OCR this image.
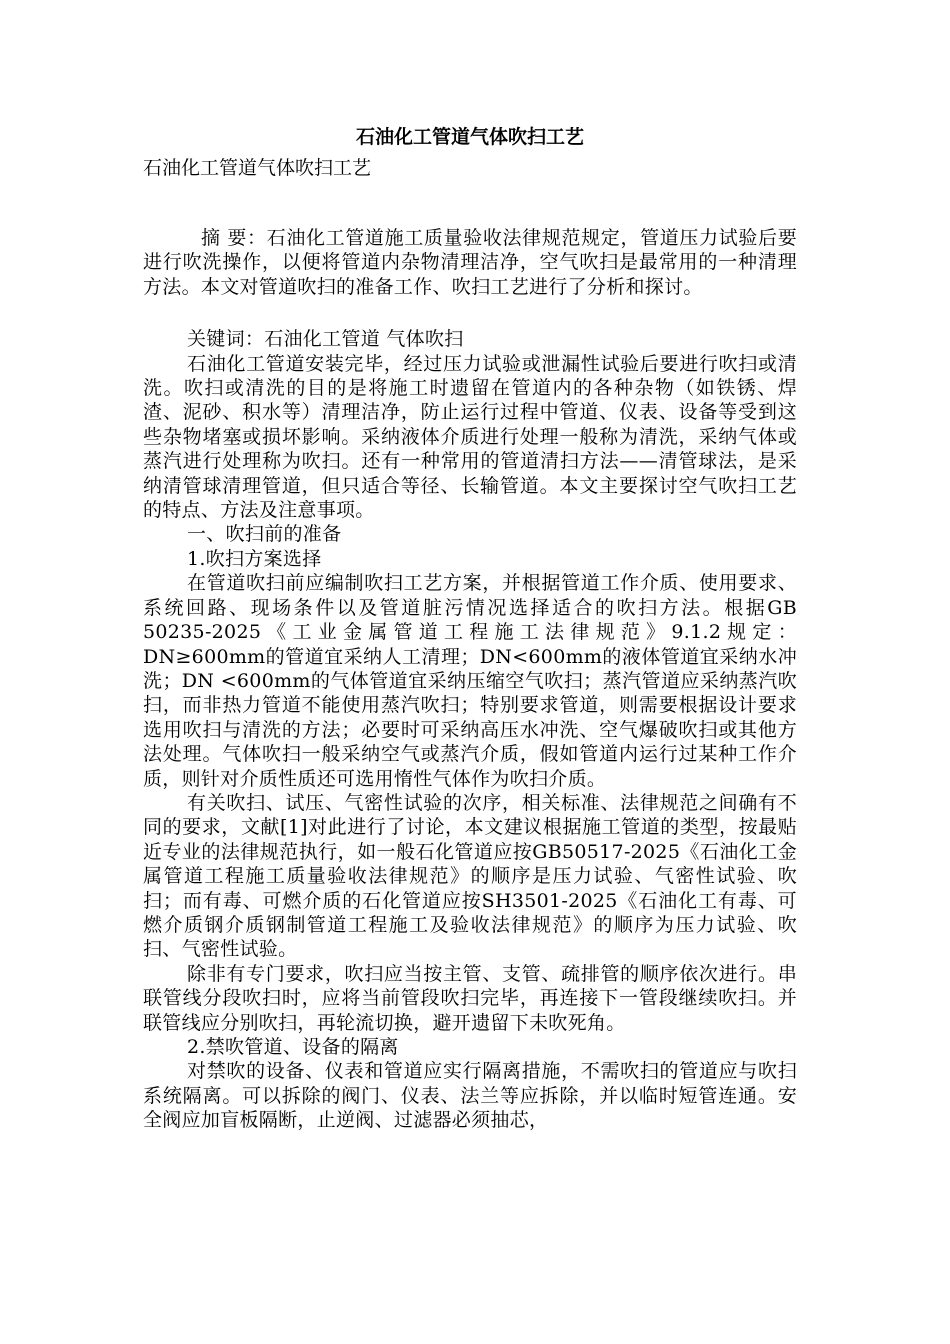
石油化工管道气体吹扫工艺

石油化工管道气体吹扫工艺

摘 要：石油化工管道施工质量验收法律规范规定，管道压力试验后要进行吹洗操作，以便将管道内杂物清理洁净，空气吹扫是最常用的一种清理方法。本文对管道吹扫的准备工作、吹扫工艺进行了分析和探讨。

关键词：石油化工管道 气体吹扫

石油化工管道安装完毕，经过压力试验或泄漏性试验后要进行吹扫或清洗。吹扫或清洗的目的是将施工时遗留在管道内的各种杂物（如铁锈、焊渣、泥砂、积水等）清理洁净，防止运行过程中管道、仪表、设备等受到这些杂物堵塞或损坏影响。采纳液体介质进行处理一般称为清洗，采纳气体或蒸汽进行处理称为吹扫。还有一种常用的管道清扫方法——清管球法，是采纳清管球清理管道，但只适合等径、长输管道。本文主要探讨空气吹扫工艺的特点、方法及注意事项。

一、吹扫前的准备

1.吹扫方案选择

在管道吹扫前应编制吹扫工艺方案，并根据管道工作介质、使用要求、系统回路、现场条件以及管道脏污情况选择适合的吹扫方法。根据GB 50235-2025《工业金属管道工程施工法律规范》9.1.2规定：DN≥600mm的管道宜采纳人工清理；DN<600mm的液体管道宜采纳水冲洗；DN <600mm的气体管道宜采纳压缩空气吹扫；蒸汽管道应采纳蒸汽吹扫，而非热力管道不能使用蒸汽吹扫；特别要求管道，则需要根据设计要求选用吹扫与清洗的方法；必要时可采纳高压水冲洗、空气爆破吹扫或其他方法处理。气体吹扫一般采纳空气或蒸汽介质，假如管道内运行过某种工作介质，则针对介质性质还可选用惰性气体作为吹扫介质。

有关吹扫、试压、气密性试验的次序，相关标准、法律规范之间确有不同的要求，文献[1]对此进行了讨论，本文建议根据施工管道的类型，按最贴近专业的法律规范执行，如一般石化管道应按GB50517-2025《石油化工金属管道工程施工质量验收法律规范》的顺序是压力试验、气密性试验、吹扫；而有毒、可燃介质的石化管道应按SH3501-2025《石油化工有毒、可燃介质钢介质钢制管道工程施工及验收法律规范》的顺序为压力试验、吹扫、气密性试验。

除非有专门要求，吹扫应当按主管、支管、疏排管的顺序依次进行。串联管线分段吹扫时，应将当前管段吹扫完毕，再连接下一管段继续吹扫。并联管线应分别吹扫，再轮流切换，避开遗留下未吹死角。

2.禁吹管道、设备的隔离

对禁吹的设备、仪表和管道应实行隔离措施，不需吹扫的管道应与吹扫系统隔离。可以拆除的阀门、仪表、法兰等应拆除，并以临时短管连通。安全阀应加盲板隔断，止逆阀、过滤器必须抽芯，
